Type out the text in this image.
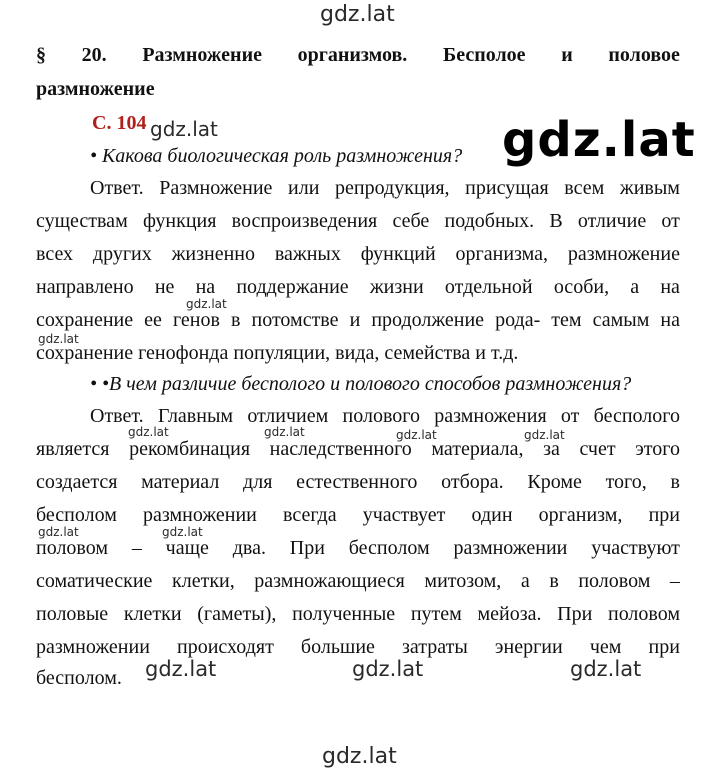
gdz.lat
gdz.lat
gdz.lat
§ 20. Размножение организмов. Бесполое и половое
размножение
С. 104
• Какова биологическая роль размножения?
Ответ. Размножение или репродукция, присущая всем живым
существам функция воспроизведения себе подобных. В отличие от
всех других жизненно важных функций организма, размножение
направлено не на поддержание жизни отдельной особи, а на
сохранение ее генов в потомстве и продолжение рода- тем самым на
сохранение генофонда популяции, вида, семейства и т.д.
• •В чем различие бесполого и полового способов размножения?
Ответ. Главным отличием полового размножения от бесполого
является рекомбинация наследственного материала, за счет этого
создается материал для естественного отбора. Кроме того, в
бесполом размножении всегда участвует один организм, при
половом – чаще два. При бесполом размножении участвуют
соматические клетки, размножающиеся митозом, а в половом –
половые клетки (гаметы), полученные путем мейоза. При половом
размножении происходят большие затраты энергии чем при
бесполом.
gdz.lat
gdz.lat
gdz.lat	gdz.lat	gdz.lat	gdz.lat
gdz.lat	gdz.lat
gdz.lat	gdz.lat	gdz.lat
gdz.lat
